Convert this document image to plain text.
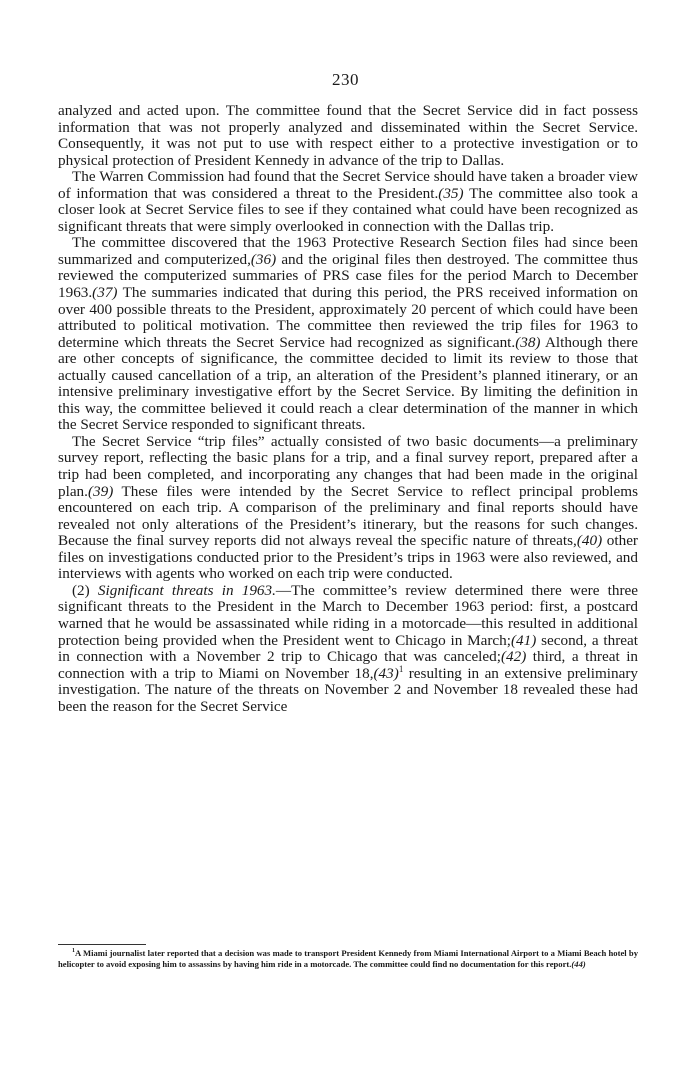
230

analyzed and acted upon. The committee found that the Secret Service did in fact possess information that was not properly analyzed and disseminated within the Secret Service. Consequently, it was not put to use with respect either to a protective investigation or to physical protection of President Kennedy in advance of the trip to Dallas.

The Warren Commission had found that the Secret Service should have taken a broader view of information that was considered a threat to the President.(35) The committee also took a closer look at Secret Service files to see if they contained what could have been recognized as significant threats that were simply overlooked in connection with the Dallas trip.

The committee discovered that the 1963 Protective Research Section files had since been summarized and computerized,(36) and the original files then destroyed. The committee thus reviewed the computerized summaries of PRS case files for the period March to December 1963.(37) The summaries indicated that during this period, the PRS received information on over 400 possible threats to the President, approximately 20 percent of which could have been attributed to political motivation. The committee then reviewed the trip files for 1963 to determine which threats the Secret Service had recognized as significant.(38) Although there are other concepts of significance, the committee decided to limit its review to those that actually caused cancellation of a trip, an alteration of the President’s planned itinerary, or an intensive preliminary investigative effort by the Secret Service. By limiting the definition in this way, the committee believed it could reach a clear determination of the manner in which the Secret Service responded to significant threats.

The Secret Service “trip files” actually consisted of two basic documents—a preliminary survey report, reflecting the basic plans for a trip, and a final survey report, prepared after a trip had been completed, and incorporating any changes that had been made in the original plan.(39) These files were intended by the Secret Service to reflect principal problems encountered on each trip. A comparison of the preliminary and final reports should have revealed not only alterations of the President’s itinerary, but the reasons for such changes. Because the final survey reports did not always reveal the specific nature of threats,(40) other files on investigations conducted prior to the President’s trips in 1963 were also reviewed, and interviews with agents who worked on each trip were conducted.

(2) Significant threats in 1963.—The committee’s review determined there were three significant threats to the President in the March to December 1963 period: first, a postcard warned that he would be assassinated while riding in a motorcade—this resulted in additional protection being provided when the President went to Chicago in March;(41) second, a threat in connection with a November 2 trip to Chicago that was canceled;(42) third, a threat in connection with a trip to Miami on November $18,(43)^1$ resulting in an extensive preliminary investigation. The nature of the threats on November 2 and November 18 revealed these had been the reason for the Secret Service

$^1$A Miami journalist later reported that a decision was made to transport President Kennedy from Miami International Airport to a Miami Beach hotel by helicopter to avoid exposing him to assassins by having him ride in a motorcade. The committee could find no documentation for this report.(44)
